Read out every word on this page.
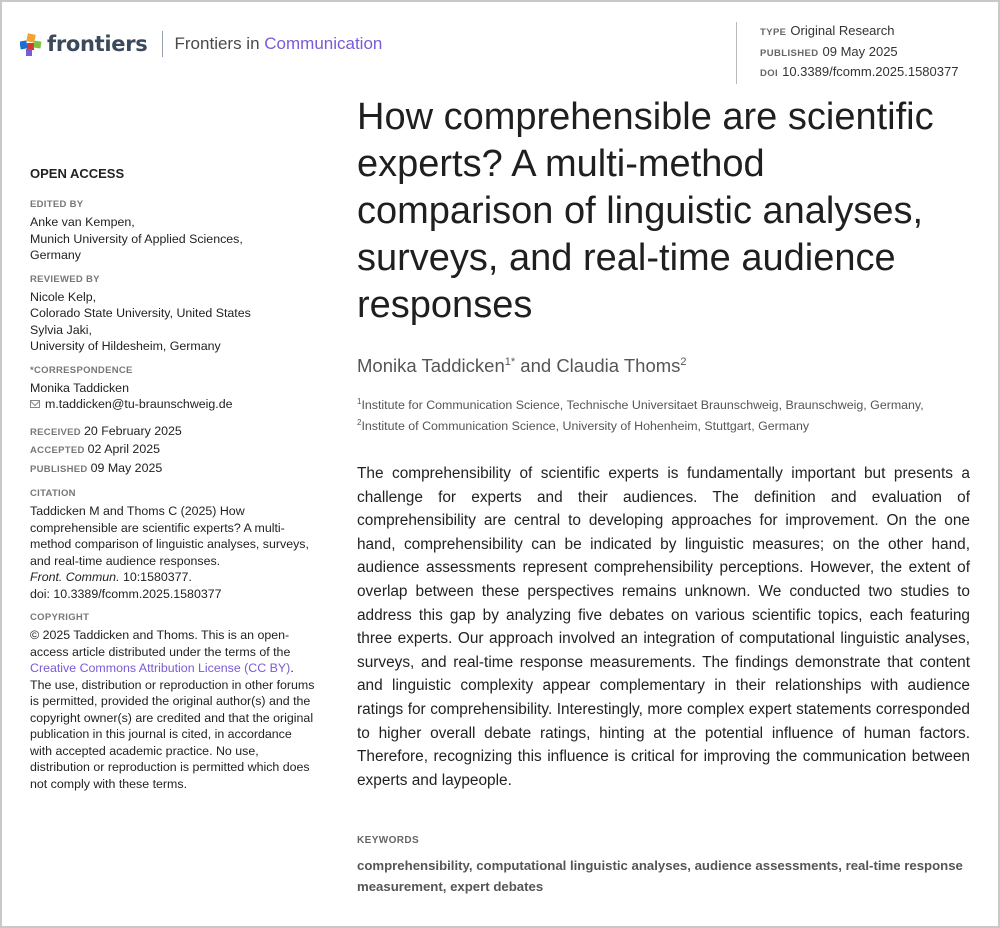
frontiers Frontiers in Communication
TYPE Original Research
PUBLISHED 09 May 2025
DOI 10.3389/fcomm.2025.1580377
OPEN ACCESS
EDITED BY
Anke van Kempen,
Munich University of Applied Sciences,
Germany
REVIEWED BY
Nicole Kelp,
Colorado State University, United States
Sylvia Jaki,
University of Hildesheim, Germany
*CORRESPONDENCE
Monika Taddicken
m.taddicken@tu-braunschweig.de
RECEIVED 20 February 2025
ACCEPTED 02 April 2025
PUBLISHED 09 May 2025
CITATION
Taddicken M and Thoms C (2025) How comprehensible are scientific experts? A multi-method comparison of linguistic analyses, surveys, and real-time audience responses.
Front. Commun. 10:1580377.
doi: 10.3389/fcomm.2025.1580377
COPYRIGHT
© 2025 Taddicken and Thoms. This is an open-access article distributed under the terms of the Creative Commons Attribution License (CC BY). The use, distribution or reproduction in other forums is permitted, provided the original author(s) and the copyright owner(s) are credited and that the original publication in this journal is cited, in accordance with accepted academic practice. No use, distribution or reproduction is permitted which does not comply with these terms.
How comprehensible are scientific experts? A multi-method comparison of linguistic analyses, surveys, and real-time audience responses
Monika Taddicken$^{1*}$ and Claudia Thoms$^2$
$^1$Institute for Communication Science, Technische Universitaet Braunschweig, Braunschweig, Germany, $^2$Institute of Communication Science, University of Hohenheim, Stuttgart, Germany

The comprehensibility of scientific experts is fundamentally important but presents a challenge for experts and their audiences. The definition and evaluation of comprehensibility are central to developing approaches for improvement. On the one hand, comprehensibility can be indicated by linguistic measures; on the other hand, audience assessments represent comprehensibility perceptions. However, the extent of overlap between these perspectives remains unknown. We conducted two studies to address this gap by analyzing five debates on various scientific topics, each featuring three experts. Our approach involved an integration of computational linguistic analyses, surveys, and real-time response measurements. The findings demonstrate that content and linguistic complexity appear complementary in their relationships with audience ratings for comprehensibility. Interestingly, more complex expert statements corresponded to higher overall debate ratings, hinting at the potential influence of human factors. Therefore, recognizing this influence is critical for improving the communication between experts and laypeople.

KEYWORDS
comprehensibility, computational linguistic analyses, audience assessments, real-time response measurement, expert debates
